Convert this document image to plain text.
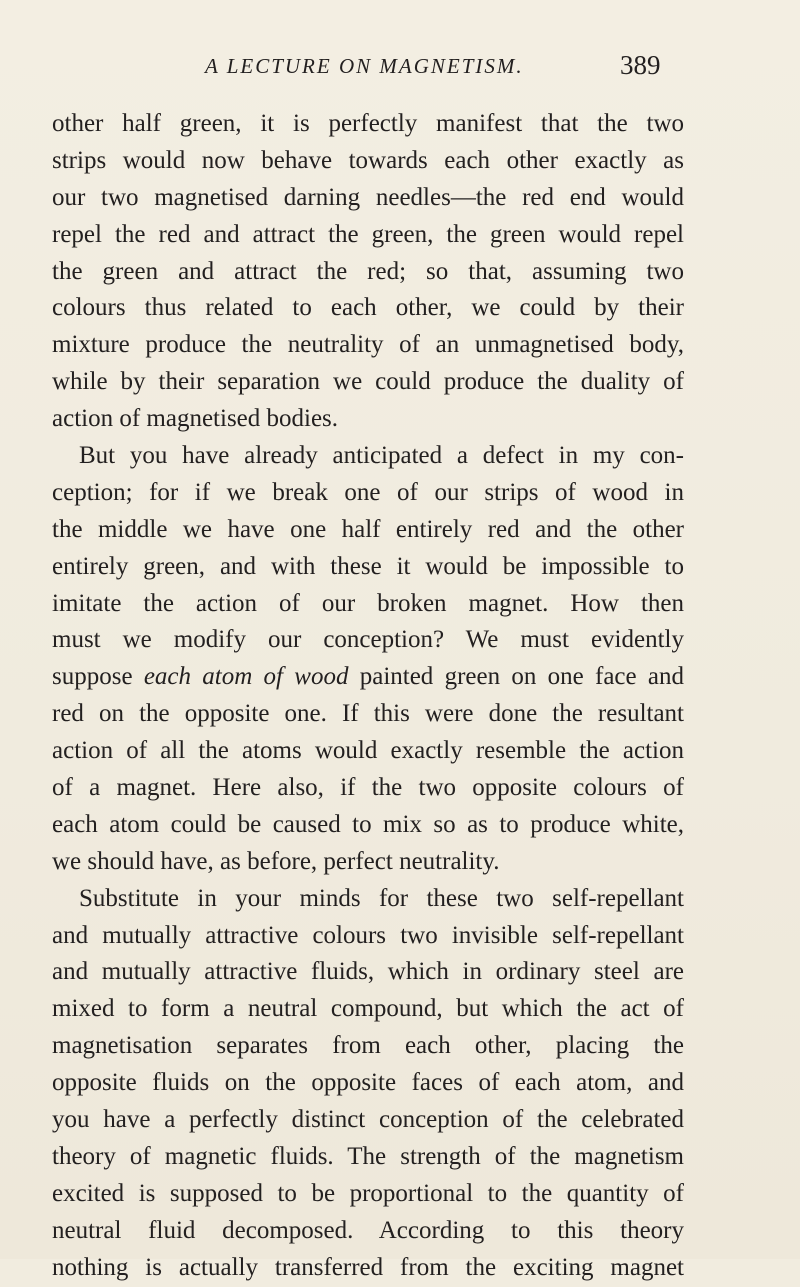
A LECTURE ON MAGNETISM.	389
other half green, it is perfectly manifest that the two
strips would now behave towards each other exactly as
our two magnetised darning needles—the red end would
repel the red and attract the green, the green would repel
the green and attract the red; so that, assuming two
colours thus related to each other, we could by their
mixture produce the neutrality of an unmagnetised body,
while by their separation we could produce the duality of
action of magnetised bodies.
But you have already anticipated a defect in my con-
ception; for if we break one of our strips of wood in
the middle we have one half entirely red and the other
entirely green, and with these it would be impossible to
imitate the action of our broken magnet. How then
must we modify our conception? We must evidently
suppose each atom of wood painted green on one face and
red on the opposite one. If this were done the resultant
action of all the atoms would exactly resemble the action
of a magnet. Here also, if the two opposite colours of
each atom could be caused to mix so as to produce white,
we should have, as before, perfect neutrality.
Substitute in your minds for these two self-repellant
and mutually attractive colours two invisible self-repellant
and mutually attractive fluids, which in ordinary steel are
mixed to form a neutral compound, but which the act of
magnetisation separates from each other, placing the
opposite fluids on the opposite faces of each atom, and
you have a perfectly distinct conception of the celebrated
theory of magnetic fluids. The strength of the magnetism
excited is supposed to be proportional to the quantity of
neutral fluid decomposed. According to this theory
nothing is actually transferred from the exciting magnet
